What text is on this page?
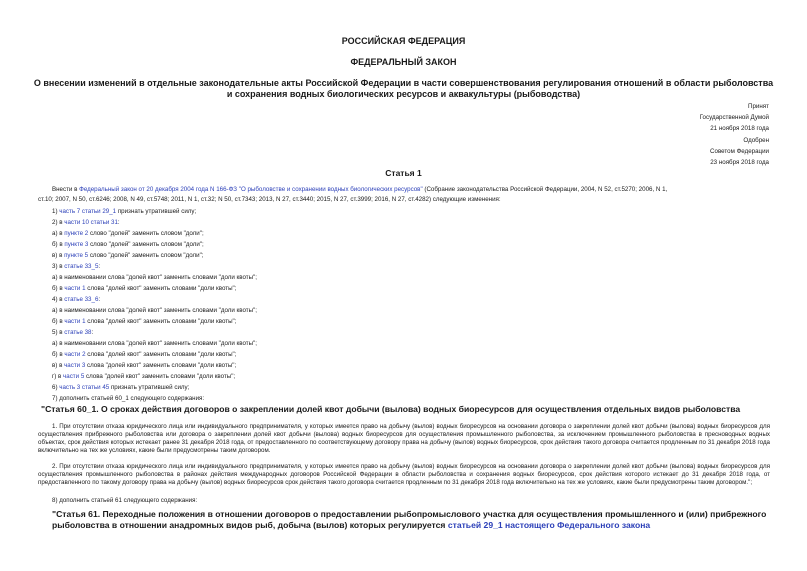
РОССИЙСКАЯ ФЕДЕРАЦИЯ
ФЕДЕРАЛЬНЫЙ ЗАКОН
О внесении изменений в отдельные законодательные акты Российской Федерации в части совершенствования регулирования отношений в области рыболовства
и сохранения водных биологических ресурсов и аквакультуры (рыбоводства)
Принят
Государственной Думой
21 ноября 2018 года
Одобрен
Советом Федерации
23 ноября 2018 года
Статья 1
Внести в Федеральный закон от 20 декабря 2004 года N 166-ФЗ "О рыболовстве и сохранении водных биологических ресурсов" (Собрание законодательства Российской Федерации, 2004, N 52, ст.5270; 2006, N 1,
ст.10; 2007, N 50, ст.6246; 2008, N 49, ст.5748; 2011, N 1, ст.32; N 50, ст.7343; 2013, N 27, ст.3440; 2015, N 27, ст.3999; 2016, N 27, ст.4282) следующие изменения:
1) часть 7 статьи 29_1 признать утратившей силу;
2) в части 10 статьи 31:
а) в пункте 2 слово "долей" заменить словом "доли";
б) в пункте 3 слово "долей" заменить словом "доли";
в) в пункте 5 слово "долей" заменить словом "доли";
3) в статье 33_5:
а) в наименовании слова "долей квот" заменить словами "доли квоты";
б) в части 1 слова "долей квот" заменить словами "доли квоты";
4) в статье 33_6:
а) в наименовании слова "долей квот" заменить словами "доли квоты";
б) в части 1 слова "долей квот" заменить словами "доли квоты";
5) в статье 38:
а) в наименовании слова "долей квот" заменить словами "доли квоты";
б) в части 2 слова "долей квот" заменить словами "доли квоты";
в) в части 3 слова "долей квот" заменить словами "доли квоты";
г) в части 5 слова "долей квот" заменить словами "доли квоты";
6) часть 3 статьи 45 признать утратившей силу;
7) дополнить статьей 60_1 следующего содержания:
"Статья 60_1. О сроках действия договоров о закреплении долей квот добычи (вылова) водных биоресурсов для осуществления отдельных видов рыболовства
1. При отсутствии отказа юридического лица или индивидуального предпринимателя, у которых имеется право на добычу (вылов) водных биоресурсов на основании договора о закреплении долей квот добычи (вылова) водных биоресурсов для осуществления прибрежного рыболовства или договора о закреплении долей квот добычи (вылова) водных биоресурсов для осуществления промышленного рыболовства, за исключением промышленного рыболовства в пресноводных водных объектах, срок действия которых истекает ранее 31 декабря 2018 года, от предоставленного по соответствующему договору права на добычу (вылов) водных биоресурсов, срок действия такого договора считается продленным по 31 декабря 2018 года включительно на тех же условиях, какие были предусмотрены таким договором.
2. При отсутствии отказа юридического лица или индивидуального предпринимателя, у которых имеется право на добычу (вылов) водных биоресурсов на основании договора о закреплении долей квот добычи (вылова) водных биоресурсов для осуществления промышленного рыболовства в районах действия международных договоров Российской Федерации в области рыболовства и сохранения водных биоресурсов, срок действия которого истекает до 31 декабря 2018 года, от предоставленного по такому договору права на добычу (вылов) водных биоресурсов срок действия такого договора считается продленным по 31 декабря 2018 года включительно на тех же условиях, какие были предусмотрены таким договором.";
8) дополнить статьей 61 следующего содержания:
"Статья 61. Переходные положения в отношении договоров о предоставлении рыбопромыслового участка для осуществления промышленного и (или) прибрежного рыболовства в отношении анадромных видов рыб, добыча (вылов) которых регулируется статьей 29_1 настоящего Федерального закона
